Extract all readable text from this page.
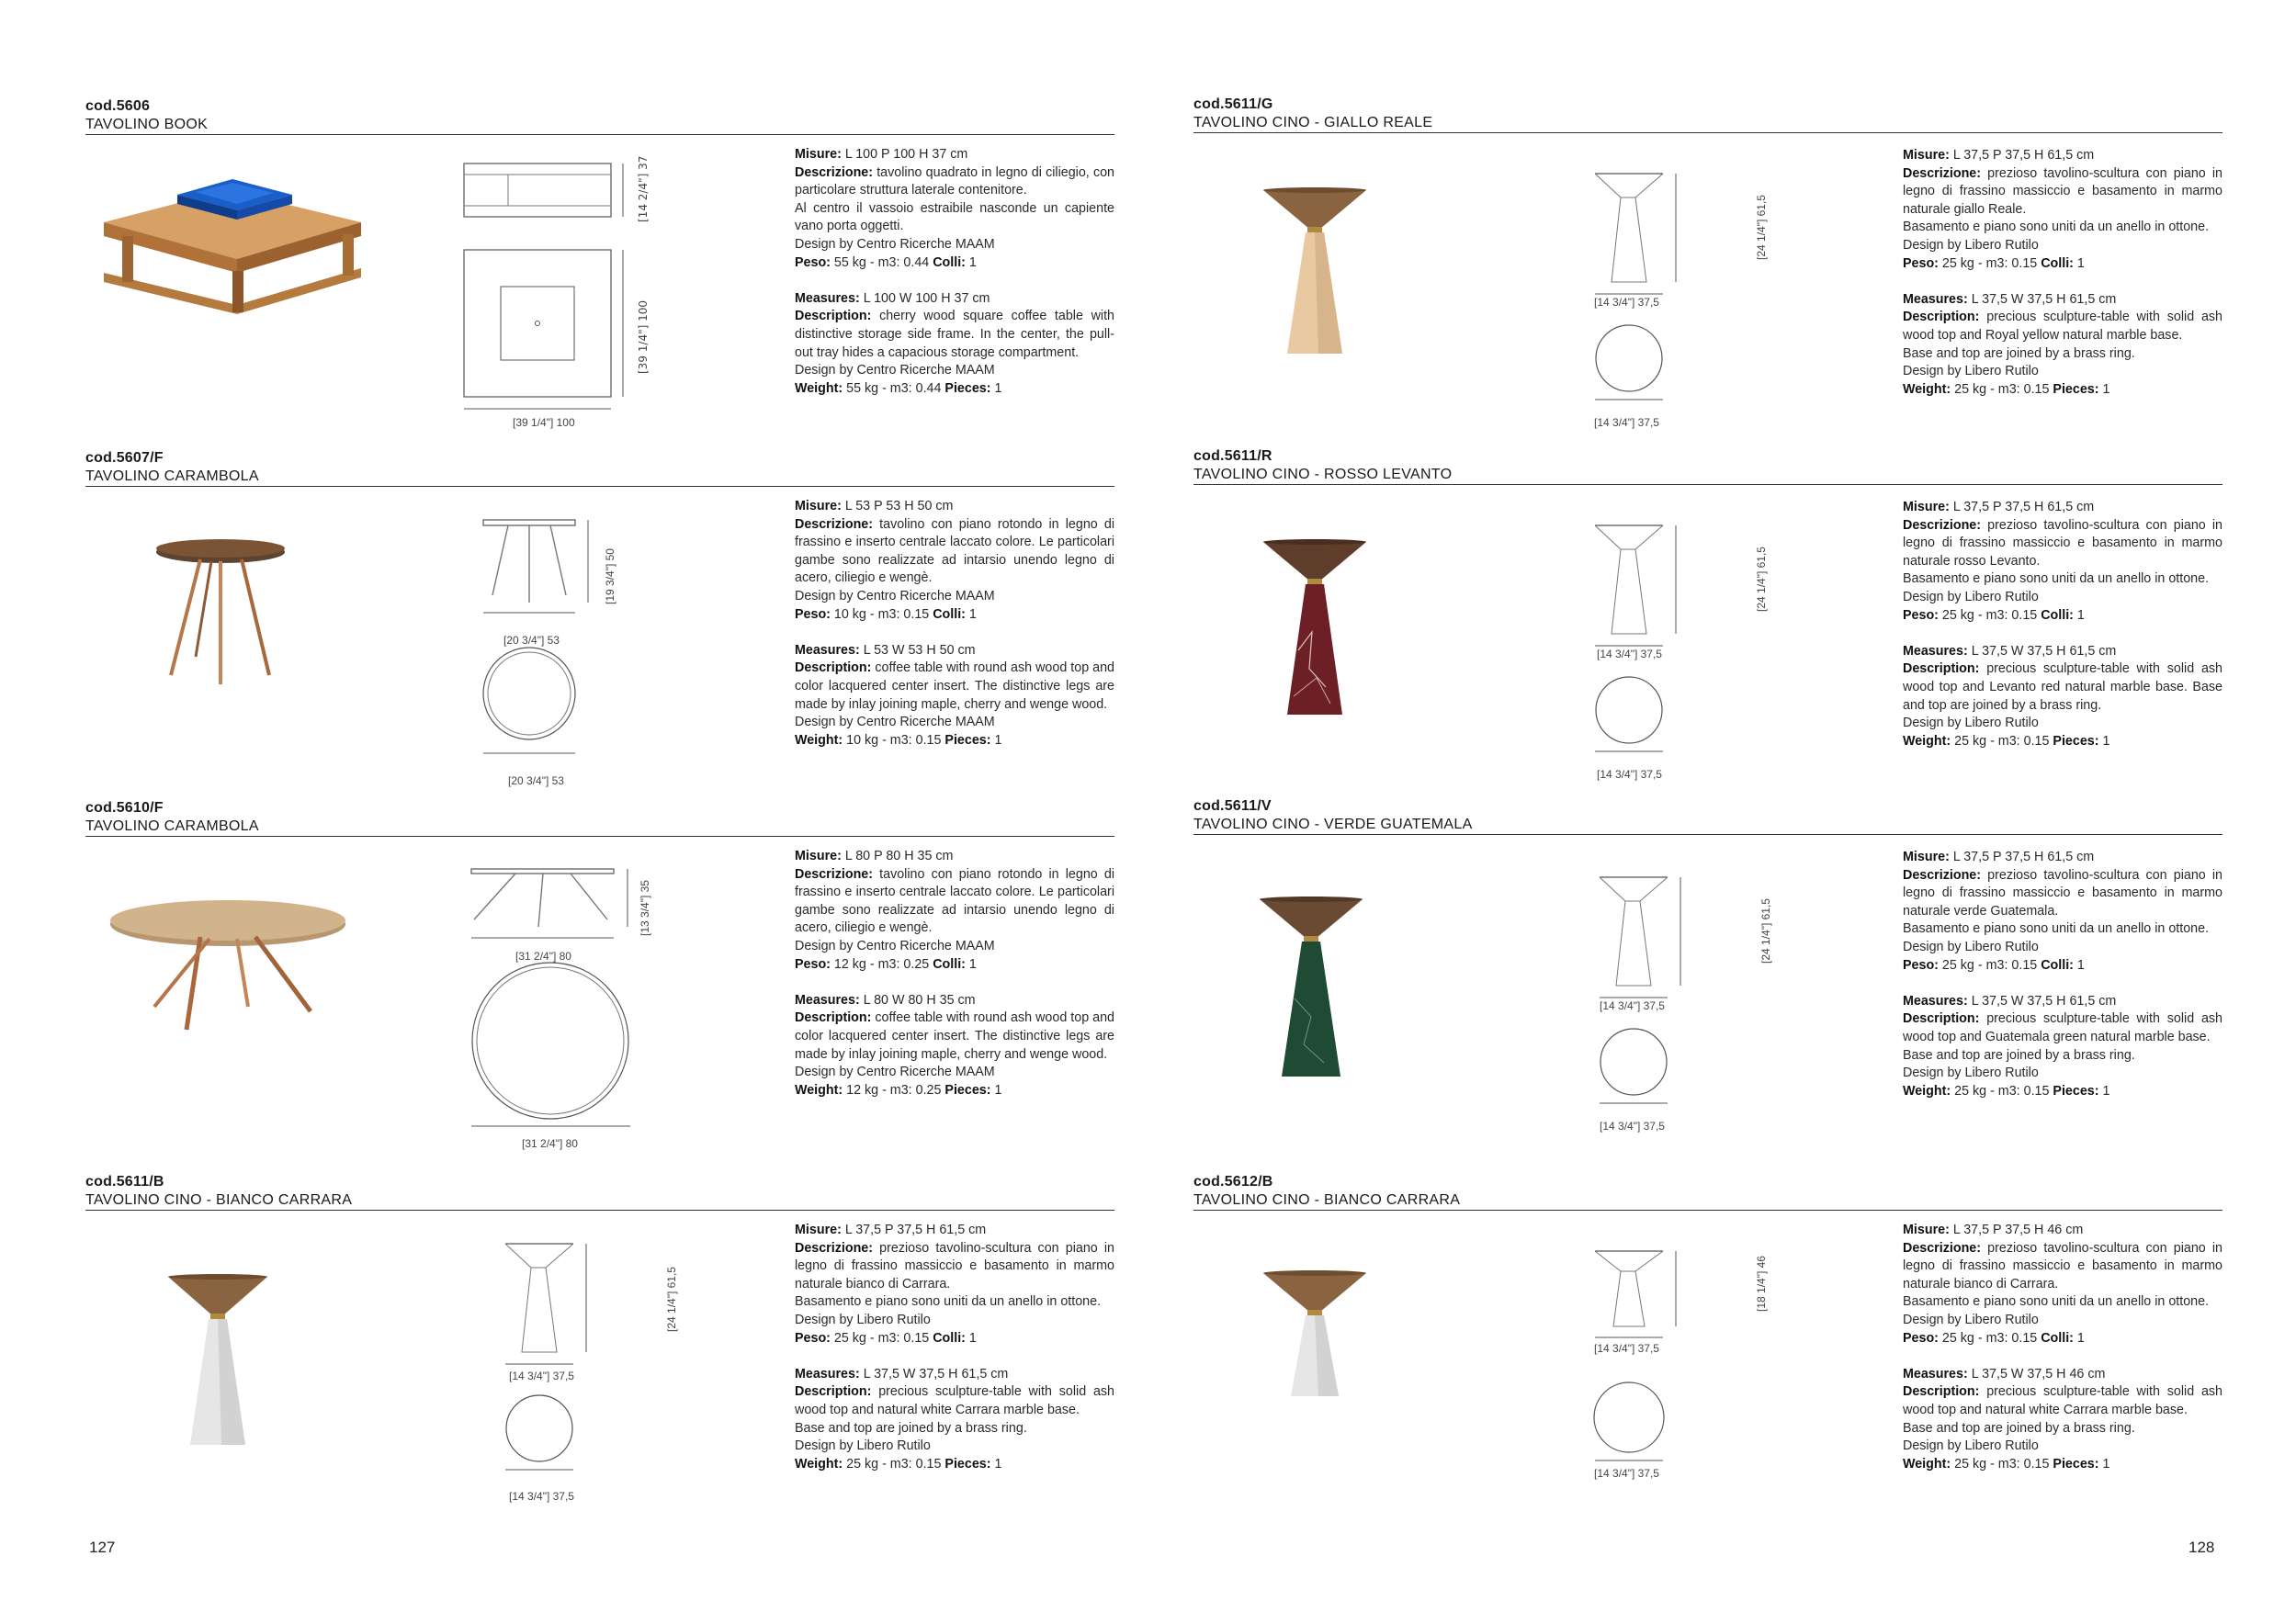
cod.5606
TAVOLINO BOOK
[14 2/4"] 37
[39 1/4"] 100
[39 1/4"] 100

Misure: L 100 P 100 H 37 cm

Descrizione: tavolino quadrato in legno di ciliegio, con particolare struttura laterale contenitore.

Al centro il vassoio estraibile nasconde un capiente vano porta oggetti.

Design by Centro Ricerche MAAM

Peso: 55 kg - m3: 0.44 Colli: 1

Measures: L 100 W 100 H 37 cm

Description: cherry wood square coffee table with distinctive storage side frame. In the center, the pull-out tray hides a capacious storage compartment.

Design by Centro Ricerche MAAM

Weight: 55 kg - m3: 0.44 Pieces: 1

cod.5607/F
TAVOLINO CARAMBOLA
[19 3/4"] 50
[20 3/4"] 53
[20 3/4"] 53

Misure: L 53 P 53 H 50 cm

Descrizione: tavolino con piano rotondo in legno di frassino e inserto centrale laccato colore. Le particolari gambe sono realizzate ad intarsio unendo legno di acero, ciliegio e wengè.

Design by Centro Ricerche MAAM

Peso: 10 kg - m3: 0.15 Colli: 1

Measures: L 53 W 53 H 50 cm

Description: coffee table with round ash wood top and color lacquered center insert. The distinctive legs are made by inlay joining maple, cherry and wenge wood.

Design by Centro Ricerche MAAM

Weight: 10 kg - m3: 0.15 Pieces: 1

cod.5610/F
TAVOLINO CARAMBOLA
[13 3/4"] 35
[31 2/4"] 80
[31 2/4"] 80

Misure: L 80 P 80 H 35 cm

Descrizione: tavolino con piano rotondo in legno di frassino e inserto centrale laccato colore. Le particolari gambe sono realizzate ad intarsio unendo legno di acero, ciliegio e wengè.

Design by Centro Ricerche MAAM

Peso: 12 kg - m3: 0.25 Colli: 1

Measures: L 80 W 80 H 35 cm

Description: coffee table with round ash wood top and color lacquered center insert. The distinctive legs are made by inlay joining maple, cherry and wenge wood.

Design by Centro Ricerche MAAM

Weight: 12 kg - m3: 0.25 Pieces: 1

cod.5611/B
TAVOLINO CINO - BIANCO CARRARA
[24 1/4"] 61,5
[14 3/4"] 37,5
[14 3/4"] 37,5

Misure: L 37,5 P 37,5 H 61,5 cm

Descrizione: prezioso tavolino-scultura con piano in legno di frassino massiccio e basamento in marmo naturale bianco di Carrara.

Basamento e piano sono uniti da un anello in ottone.

Design by Libero Rutilo

Peso: 25 kg - m3: 0.15 Colli: 1

Measures: L 37,5 W 37,5 H 61,5 cm

Description: precious sculpture-table with solid ash wood top and natural white Carrara marble base.

Base and top are joined by a brass ring.

Design by Libero Rutilo

Weight: 25 kg - m3: 0.15 Pieces: 1

127
cod.5611/G
TAVOLINO CINO - GIALLO REALE
[24 1/4"] 61,5
[14 3/4"] 37,5
[14 3/4"] 37,5

Misure: L 37,5 P 37,5 H 61,5 cm

Descrizione: prezioso tavolino-scultura con piano in legno di frassino massiccio e basamento in marmo naturale giallo Reale.

Basamento e piano sono uniti da un anello in ottone.

Design by Libero Rutilo

Peso: 25 kg - m3: 0.15 Colli: 1

Measures: L 37,5 W 37,5 H 61,5 cm

Description: precious sculpture-table with solid ash wood top and Royal yellow natural marble base.

Base and top are joined by a brass ring.

Design by Libero Rutilo

Weight: 25 kg - m3: 0.15 Pieces: 1

cod.5611/R
TAVOLINO CINO - ROSSO LEVANTO
[24 1/4"] 61,5
[14 3/4"] 37,5
[14 3/4"] 37,5

Misure: L 37,5 P 37,5 H 61,5 cm

Descrizione: prezioso tavolino-scultura con piano in legno di frassino massiccio e basamento in marmo naturale rosso Levanto.

Basamento e piano sono uniti da un anello in ottone.

Design by Libero Rutilo

Peso: 25 kg - m3: 0.15 Colli: 1

Measures: L 37,5 W 37,5 H 61,5 cm

Description: precious sculpture-table with solid ash wood top and Levanto red natural marble base. Base and top are joined by a brass ring.

Design by Libero Rutilo

Weight: 25 kg - m3: 0.15 Pieces: 1

cod.5611/V
TAVOLINO CINO - VERDE GUATEMALA
[24 1/4"] 61,5
[14 3/4"] 37,5
[14 3/4"] 37,5

Misure: L 37,5 P 37,5 H 61,5 cm

Descrizione: prezioso tavolino-scultura con piano in legno di frassino massiccio e basamento in marmo naturale verde Guatemala.

Basamento e piano sono uniti da un anello in ottone.

Design by Libero Rutilo

Peso: 25 kg - m3: 0.15 Colli: 1

Measures: L 37,5 W 37,5 H 61,5 cm

Description: precious sculpture-table with solid ash wood top and Guatemala green natural marble base.

Base and top are joined by a brass ring.

Design by Libero Rutilo

Weight: 25 kg - m3: 0.15 Pieces: 1

cod.5612/B
TAVOLINO CINO - BIANCO CARRARA
[18 1/4"] 46
[14 3/4"] 37,5
[14 3/4"] 37,5

Misure: L 37,5 P 37,5 H 46 cm

Descrizione: prezioso tavolino-scultura con piano in legno di frassino massiccio e basamento in marmo naturale bianco di Carrara.

Basamento e piano sono uniti da un anello in ottone.

Design by Libero Rutilo

Peso: 25 kg - m3: 0.15 Colli: 1

Measures: L 37,5 W 37,5 H 46 cm

Description: precious sculpture-table with solid ash wood top and natural white Carrara marble base.

Base and top are joined by a brass ring.

Design by Libero Rutilo

Weight: 25 kg - m3: 0.15 Pieces: 1

128
